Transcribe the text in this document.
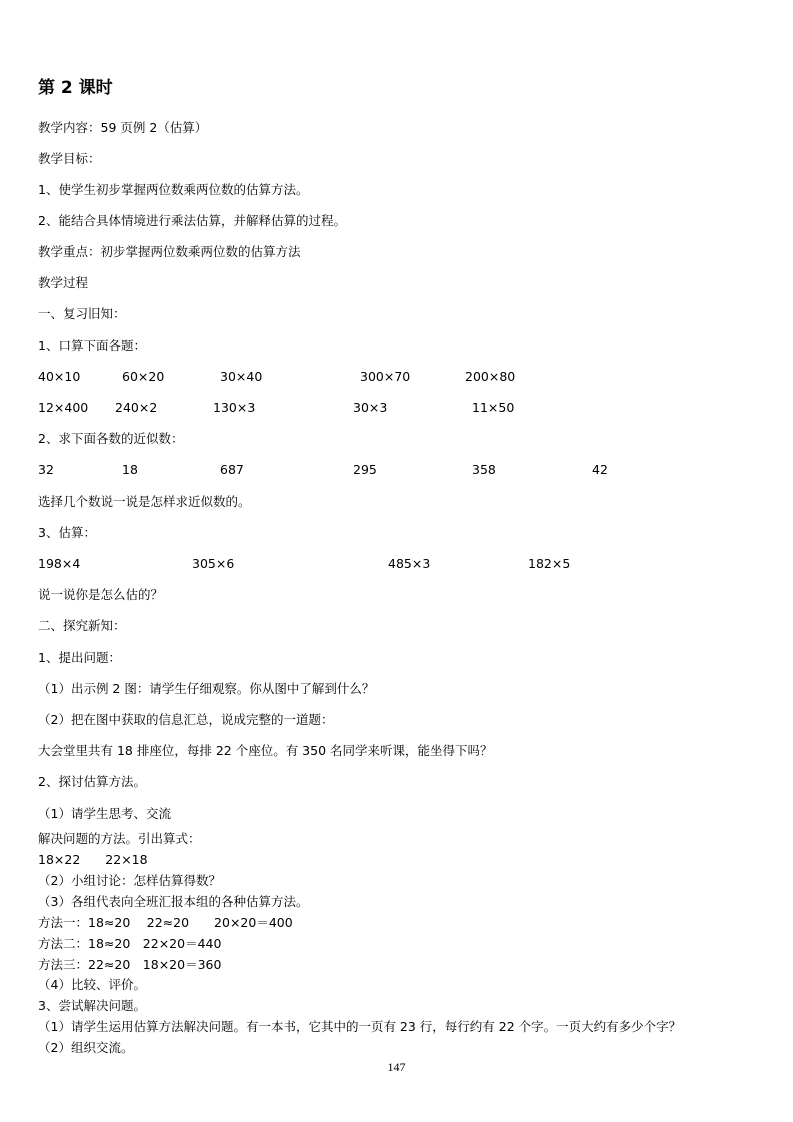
第 2 课时
教学内容：59 页例 2（估算）
教学目标：
1、使学生初步掌握两位数乘两位数的估算方法。
2、能结合具体情境进行乘法估算，并解释估算的过程。
教学重点：初步掌握两位数乘两位数的估算方法
教学过程
一、复习旧知：
1、口算下面各题：
40×10	60×20	30×40	300×70	200×80
12×400 240×2	130×3	30×3	11×50
2、求下面各数的近似数：
32	18	687	295	358	42
选择几个数说一说是怎样求近似数的。
3、估算：
198×4	305×6	485×3	182×5
说一说你是怎么估的？
二、探究新知：
1、提出问题：
（1）出示例 2 图：请学生仔细观察。你从图中了解到什么？
（2）把在图中获取的信息汇总，说成完整的一道题：
大会堂里共有 18 排座位，每排 22 个座位。有 350 名同学来听课，能坐得下吗？
2、探讨估算方法。
（1）请学生思考、交流
解决问题的方法。引出算式：
18×22　　22×18
（2）小组讨论：怎样估算得数？
（3）各组代表向全班汇报本组的各种估算方法。
方法一：18≈20　 22≈20　　20×20＝400
方法二：18≈20　22×20＝440
方法三：22≈20　18×20＝360
（4）比较、评价。
3、尝试解决问题。
（1）请学生运用估算方法解决问题。有一本书，它其中的一页有 23 行，每行约有 22 个字。一页大约有多少个字？
（2）组织交流。
147
